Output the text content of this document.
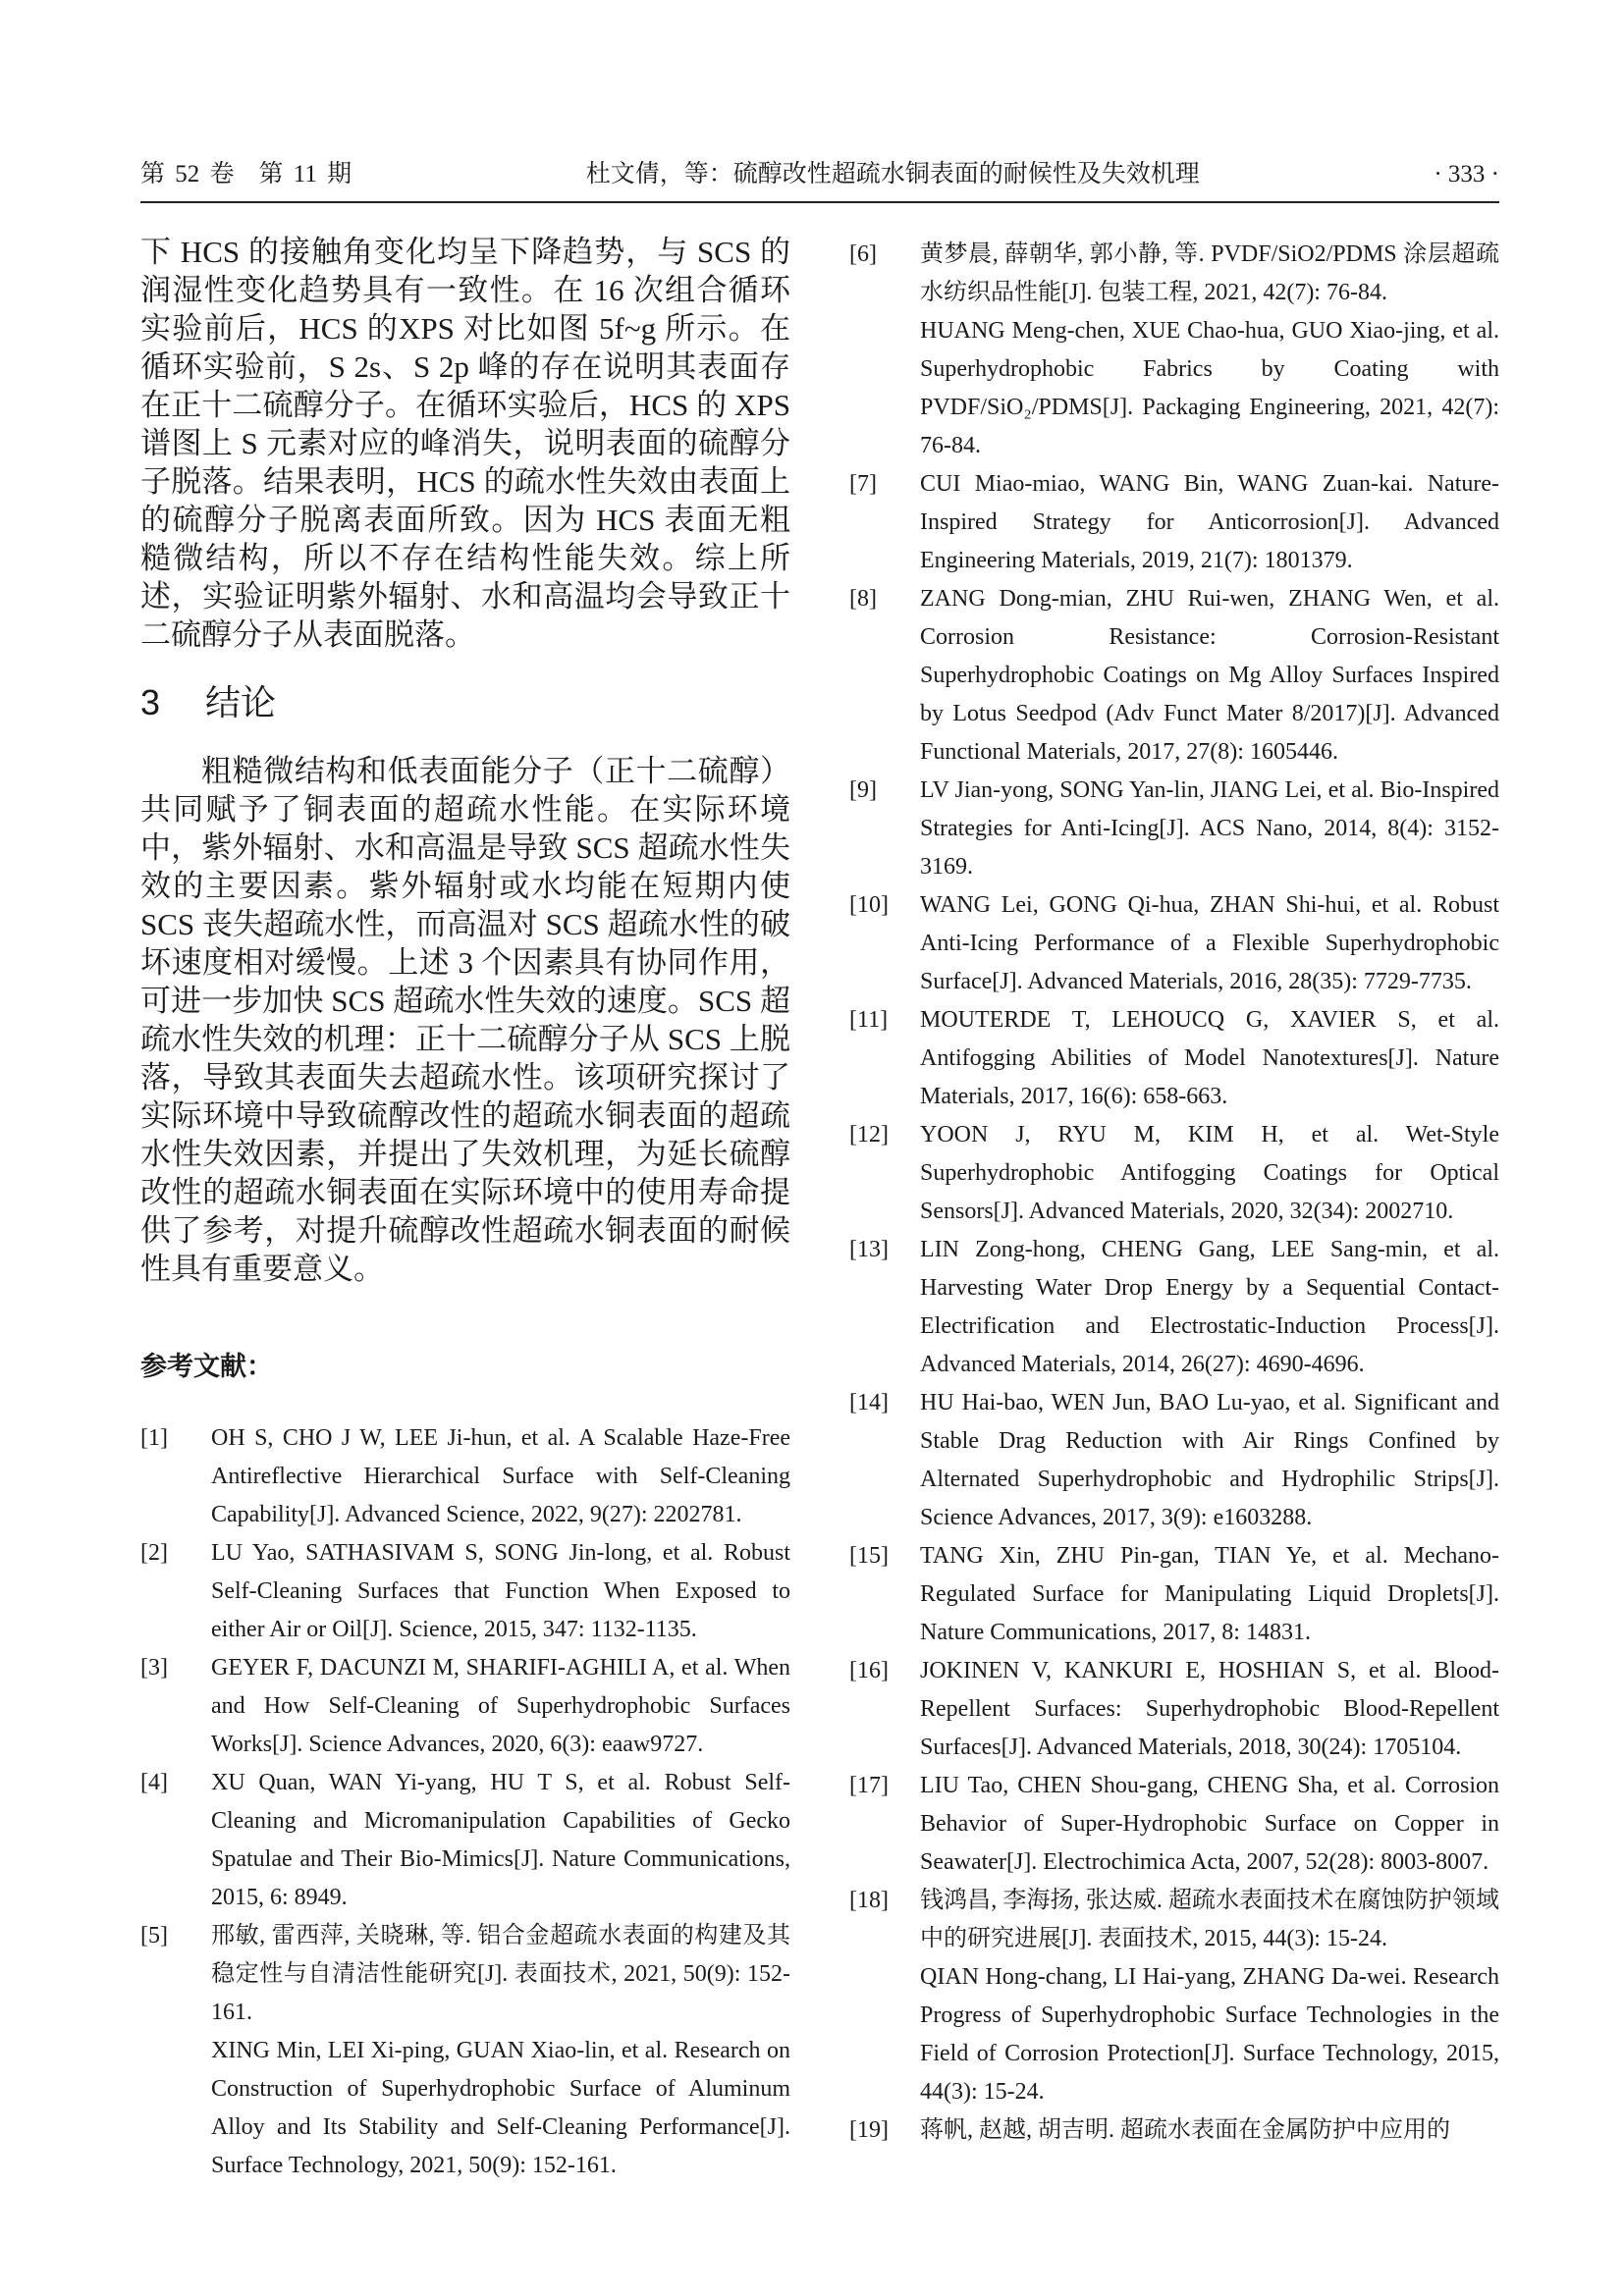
第 52 卷　第 11 期	杜文倩，等：硫醇改性超疏水铜表面的耐候性及失效机理	· 333 ·

下 HCS 的接触角变化均呈下降趋势，与 SCS 的润湿性变化趋势具有一致性。在 16 次组合循环实验前后，HCS 的XPS 对比如图 5f~g 所示。在循环实验前，S 2s、S 2p 峰的存在说明其表面存在正十二硫醇分子。在循环实验后，HCS 的 XPS 谱图上 S 元素对应的峰消失，说明表面的硫醇分子脱落。结果表明，HCS 的疏水性失效由表面上的硫醇分子脱离表面所致。因为 HCS 表面无粗糙微结构，所以不存在结构性能失效。综上所述，实验证明紫外辐射、水和高温均会导致正十二硫醇分子从表面脱落。

3 结论

粗糙微结构和低表面能分子（正十二硫醇）共同赋予了铜表面的超疏水性能。在实际环境中，紫外辐射、水和高温是导致 SCS 超疏水性失效的主要因素。紫外辐射或水均能在短期内使 SCS 丧失超疏水性，而高温对 SCS 超疏水性的破坏速度相对缓慢。上述 3 个因素具有协同作用，可进一步加快 SCS 超疏水性失效的速度。SCS 超疏水性失效的机理：正十二硫醇分子从 SCS 上脱落，导致其表面失去超疏水性。该项研究探讨了实际环境中导致硫醇改性的超疏水铜表面的超疏水性失效因素，并提出了失效机理，为延长硫醇改性的超疏水铜表面在实际环境中的使用寿命提供了参考，对提升硫醇改性超疏水铜表面的耐候性具有重要意义。

参考文献：
[1] OH S, CHO J W, LEE Ji-hun, et al. A Scalable Haze-Free Antireflective Hierarchical Surface with Self-Cleaning Capability[J]. Advanced Science, 2022, 9(27): 2202781.
[2] LU Yao, SATHASIVAM S, SONG Jin-long, et al. Robust Self-Cleaning Surfaces that Function When Exposed to either Air or Oil[J]. Science, 2015, 347: 1132-1135.
[3] GEYER F, DACUNZI M, SHARIFI-AGHILI A, et al. When and How Self-Cleaning of Superhydrophobic Surfaces Works[J]. Science Advances, 2020, 6(3): eaaw9727.
[4] XU Quan, WAN Yi-yang, HU T S, et al. Robust Self-Cleaning and Micromanipulation Capabilities of Gecko Spatulae and Their Bio-Mimics[J]. Nature Communications, 2015, 6: 8949.
[5] 邢敏, 雷西萍, 关晓琳, 等. 铝合金超疏水表面的构建及其稳定性与自清洁性能研究[J]. 表面技术, 2021, 50(9): 152-161.
XING Min, LEI Xi-ping, GUAN Xiao-lin, et al. Research on Construction of Superhydrophobic Surface of Aluminum Alloy and Its Stability and Self-Cleaning Performance[J]. Surface Technology, 2021, 50(9): 152-161.
[6] 黄梦晨, 薛朝华, 郭小静, 等. PVDF/SiO2/PDMS 涂层超疏水纺织品性能[J]. 包装工程, 2021, 42(7): 76-84.
HUANG Meng-chen, XUE Chao-hua, GUO Xiao-jing, et al. Superhydrophobic Fabrics by Coating with PVDF/SiO₂/PDMS[J]. Packaging Engineering, 2021, 42(7): 76-84.
[7] CUI Miao-miao, WANG Bin, WANG Zuan-kai. Nature-Inspired Strategy for Anticorrosion[J]. Advanced Engineering Materials, 2019, 21(7): 1801379.
[8] ZANG Dong-mian, ZHU Rui-wen, ZHANG Wen, et al. Corrosion Resistance: Corrosion-Resistant Superhydrophobic Coatings on Mg Alloy Surfaces Inspired by Lotus Seedpod (Adv Funct Mater 8/2017)[J]. Advanced Functional Materials, 2017, 27(8): 1605446.
[9] LV Jian-yong, SONG Yan-lin, JIANG Lei, et al. Bio-Inspired Strategies for Anti-Icing[J]. ACS Nano, 2014, 8(4): 3152-3169.
[10] WANG Lei, GONG Qi-hua, ZHAN Shi-hui, et al. Robust Anti-Icing Performance of a Flexible Superhydrophobic Surface[J]. Advanced Materials, 2016, 28(35): 7729-7735.
[11] MOUTERDE T, LEHOUCQ G, XAVIER S, et al. Antifogging Abilities of Model Nanotextures[J]. Nature Materials, 2017, 16(6): 658-663.
[12] YOON J, RYU M, KIM H, et al. Wet-Style Superhydrophobic Antifogging Coatings for Optical Sensors[J]. Advanced Materials, 2020, 32(34): 2002710.
[13] LIN Zong-hong, CHENG Gang, LEE Sang-min, et al. Harvesting Water Drop Energy by a Sequential Contact-Electrification and Electrostatic-Induction Process[J]. Advanced Materials, 2014, 26(27): 4690-4696.
[14] HU Hai-bao, WEN Jun, BAO Lu-yao, et al. Significant and Stable Drag Reduction with Air Rings Confined by Alternated Superhydrophobic and Hydrophilic Strips[J]. Science Advances, 2017, 3(9): e1603288.
[15] TANG Xin, ZHU Pin-gan, TIAN Ye, et al. Mechano-Regulated Surface for Manipulating Liquid Droplets[J]. Nature Communications, 2017, 8: 14831.
[16] JOKINEN V, KANKURI E, HOSHIAN S, et al. Blood-Repellent Surfaces: Superhydrophobic Blood-Repellent Surfaces[J]. Advanced Materials, 2018, 30(24): 1705104.
[17] LIU Tao, CHEN Shou-gang, CHENG Sha, et al. Corrosion Behavior of Super-Hydrophobic Surface on Copper in Seawater[J]. Electrochimica Acta, 2007, 52(28): 8003-8007.
[18] 钱鸿昌, 李海扬, 张达威. 超疏水表面技术在腐蚀防护领域中的研究进展[J]. 表面技术, 2015, 44(3): 15-24.
QIAN Hong-chang, LI Hai-yang, ZHANG Da-wei. Research Progress of Superhydrophobic Surface Technologies in the Field of Corrosion Protection[J]. Surface Technology, 2015, 44(3): 15-24.
[19] 蒋帆, 赵越, 胡吉明. 超疏水表面在金属防护中应用的
